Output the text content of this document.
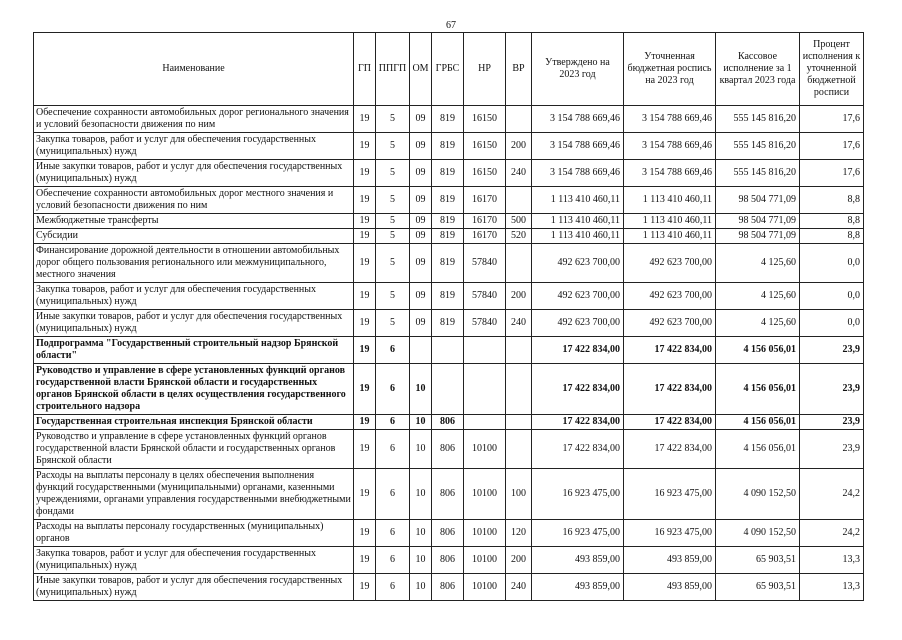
67
Наименование	ГП	ППГП	ОМ	ГРБС	НР	ВР	Утверждено на 2023 год	Уточненная бюджетная роспись на 2023 год	Кассовое исполнение за 1 квартал 2023 года	Процент исполнения к уточненной бюджетной росписи
Обеспечение сохранности автомобильных дорог регионального значения и условий безопасности движения по ним	19	5	09	819	16150		3 154 788 669,46	3 154 788 669,46	555 145 816,20	17,6
Закупка товаров, работ и услуг для обеспечения государственных (муниципальных) нужд	19	5	09	819	16150	200	3 154 788 669,46	3 154 788 669,46	555 145 816,20	17,6
Иные закупки товаров, работ и услуг для обеспечения государственных (муниципальных) нужд	19	5	09	819	16150	240	3 154 788 669,46	3 154 788 669,46	555 145 816,20	17,6
Обеспечение сохранности автомобильных дорог местного значения и условий безопасности движения по ним	19	5	09	819	16170		1 113 410 460,11	1 113 410 460,11	98 504 771,09	8,8
Межбюджетные трансферты	19	5	09	819	16170	500	1 113 410 460,11	1 113 410 460,11	98 504 771,09	8,8
Субсидии	19	5	09	819	16170	520	1 113 410 460,11	1 113 410 460,11	98 504 771,09	8,8
Финансирование дорожной деятельности в отношении автомобильных дорог общего пользования регионального или межмуниципального, местного значения	19	5	09	819	57840		492 623 700,00	492 623 700,00	4 125,60	0,0
Закупка товаров, работ и услуг для обеспечения государственных (муниципальных) нужд	19	5	09	819	57840	200	492 623 700,00	492 623 700,00	4 125,60	0,0
Иные закупки товаров, работ и услуг для обеспечения государственных (муниципальных) нужд	19	5	09	819	57840	240	492 623 700,00	492 623 700,00	4 125,60	0,0
Подпрограмма "Государственный строительный надзор Брянской области"	19	6					17 422 834,00	17 422 834,00	4 156 056,01	23,9
Руководство и управление в сфере установленных функций органов государственной власти Брянской области и государственных органов Брянской области в целях осуществления государственного строительного надзора	19	6	10				17 422 834,00	17 422 834,00	4 156 056,01	23,9
Государственная строительная инспекция Брянской области	19	6	10	806			17 422 834,00	17 422 834,00	4 156 056,01	23,9
Руководство и управление в сфере установленных функций органов государственной власти Брянской области и государственных органов Брянской области	19	6	10	806	10100		17 422 834,00	17 422 834,00	4 156 056,01	23,9
Расходы на выплаты персоналу в целях обеспечения выполнения функций государственными (муниципальными) органами, казенными учреждениями, органами управления государственными внебюджетными фондами	19	6	10	806	10100	100	16 923 475,00	16 923 475,00	4 090 152,50	24,2
Расходы на выплаты персоналу государственных (муниципальных) органов	19	6	10	806	10100	120	16 923 475,00	16 923 475,00	4 090 152,50	24,2
Закупка товаров, работ и услуг для обеспечения государственных (муниципальных) нужд	19	6	10	806	10100	200	493 859,00	493 859,00	65 903,51	13,3
Иные закупки товаров, работ и услуг для обеспечения государственных (муниципальных) нужд	19	6	10	806	10100	240	493 859,00	493 859,00	65 903,51	13,3
